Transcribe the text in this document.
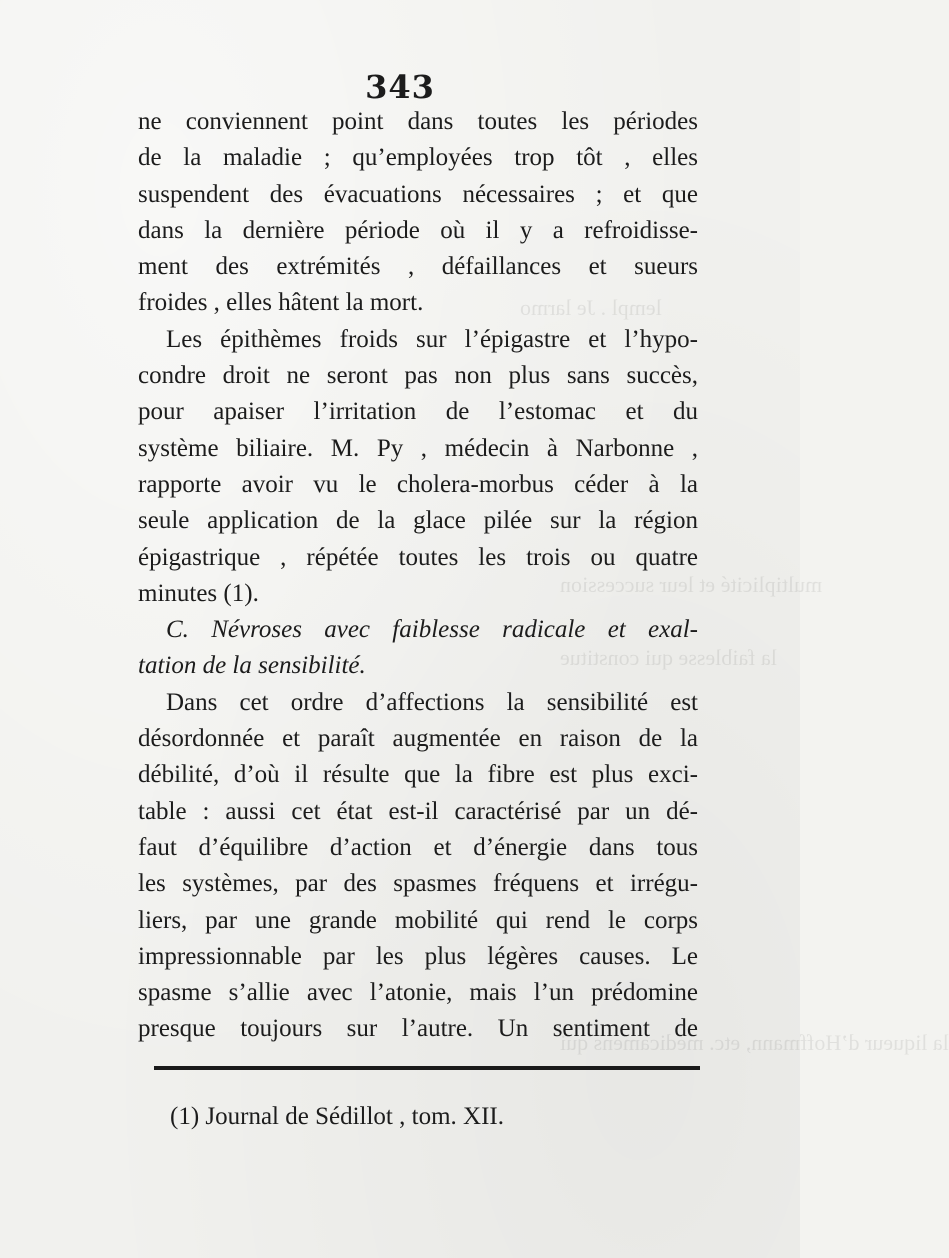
lempl . Je larmo
multiplicité et leur succession
la faiblesse qui constitue
la liqueur d’Hoffmann, etc. médicamens qui
343
ne conviennent point dans toutes les périodes
de la maladie ; qu’employées trop tôt , elles
suspendent des évacuations nécessaires ; et que
dans la dernière période où il y a refroidisse-
ment des extrémités , défaillances et sueurs
froides , elles hâtent la mort.
Les épithèmes froids sur l’épigastre et l’hypo-
condre droit ne seront pas non plus sans succès,
pour apaiser l’irritation de l’estomac et du
système biliaire. M. Py , médecin à Narbonne ,
rapporte avoir vu le cholera-morbus céder à la
seule application de la glace pilée sur la région
épigastrique , répétée toutes les trois ou quatre
minutes (1).
C. Névroses avec faiblesse radicale et exal-
tation de la sensibilité.
Dans cet ordre d’affections la sensibilité est
désordonnée et paraît augmentée en raison de la
débilité, d’où il résulte que la fibre est plus exci-
table : aussi cet état est-il caractérisé par un dé-
faut d’équilibre d’action et d’énergie dans tous
les systèmes, par des spasmes fréquens et irrégu-
liers, par une grande mobilité qui rend le corps
impressionnable par les plus légères causes. Le
spasme s’allie avec l’atonie, mais l’un prédomine
presque toujours sur l’autre. Un sentiment de
(1) Journal de Sédillot , tom. XII.
